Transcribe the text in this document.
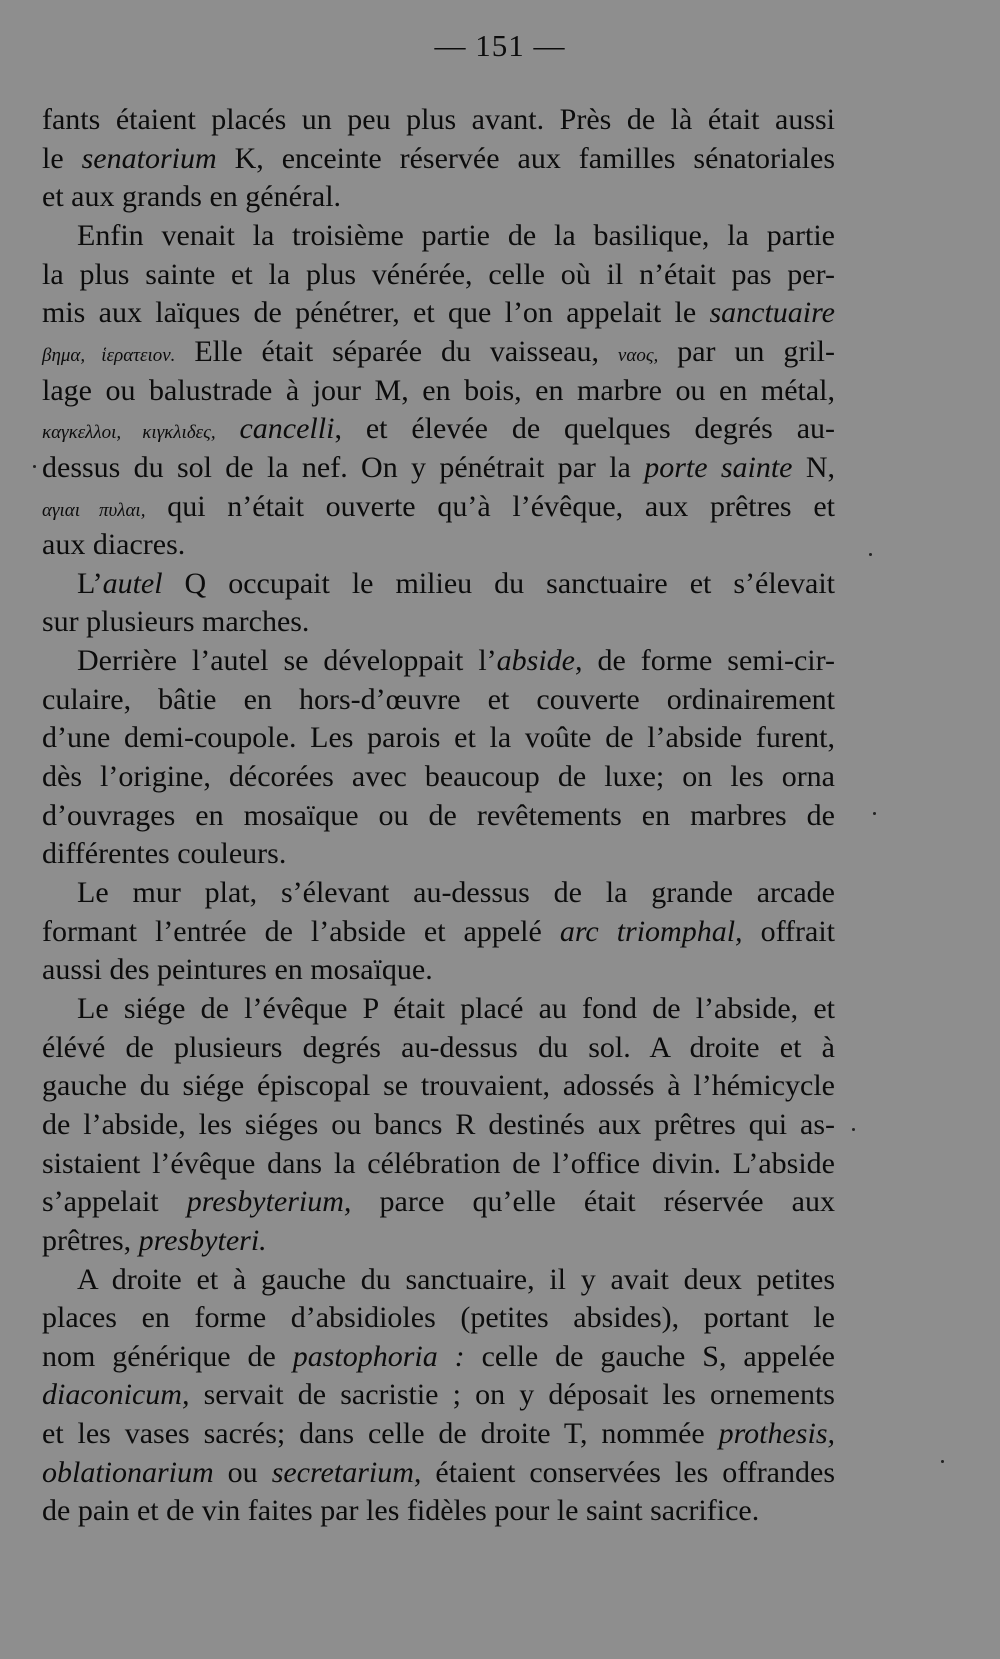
— 151 —
fants étaient placés un peu plus avant. Près de là était aussi
le senatorium K, enceinte réservée aux familles sénatoriales
et aux grands en général.
Enfin venait la troisième partie de la basilique, la partie
la plus sainte et la plus vénérée, celle où il n’était pas per-
mis aux laïques de pénétrer, et que l’on appelait le sanctuaire
βημα, ἱερατειον. Elle était séparée du vaisseau, ναος, par un gril-
lage ou balustrade à jour M, en bois, en marbre ou en métal,
καγκελλοι, κιγκλιδες, cancelli, et élevée de quelques degrés au-
dessus du sol de la nef. On y pénétrait par la porte sainte N,
αγιαι πυλαι, qui n’était ouverte qu’à l’évêque, aux prêtres et
aux diacres.
L’autel Q occupait le milieu du sanctuaire et s’élevait
sur plusieurs marches.
Derrière l’autel se développait l’abside, de forme semi-cir-
culaire, bâtie en hors-d’œuvre et couverte ordinairement
d’une demi-coupole. Les parois et la voûte de l’abside furent,
dès l’origine, décorées avec beaucoup de luxe; on les orna
d’ouvrages en mosaïque ou de revêtements en marbres de
différentes couleurs.
Le mur plat, s’élevant au-dessus de la grande arcade
formant l’entrée de l’abside et appelé arc triomphal, offrait
aussi des peintures en mosaïque.
Le siége de l’évêque P était placé au fond de l’abside, et
élévé de plusieurs degrés au-dessus du sol. A droite et à
gauche du siége épiscopal se trouvaient, adossés à l’hémicycle
de l’abside, les siéges ou bancs R destinés aux prêtres qui as-
sistaient l’évêque dans la célébration de l’office divin. L’abside
s’appelait presbyterium, parce qu’elle était réservée aux
prêtres, presbyteri.
A droite et à gauche du sanctuaire, il y avait deux petites
places en forme d’absidioles (petites absides), portant le
nom générique de pastophoria : celle de gauche S, appelée
diaconicum, servait de sacristie ; on y déposait les ornements
et les vases sacrés; dans celle de droite T, nommée prothesis,
oblationarium ou secretarium, étaient conservées les offrandes
de pain et de vin faites par les fidèles pour le saint sacrifice.
